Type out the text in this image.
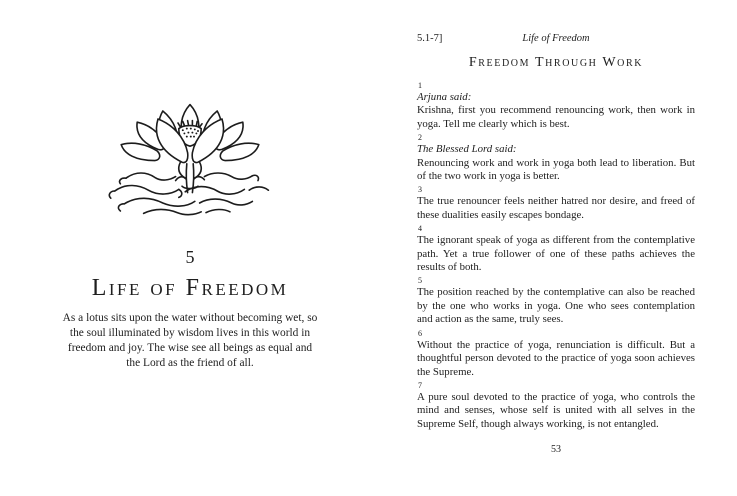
5
Life of Freedom

As a lotus sits upon the water without becoming wet, so the soul illuminated by wisdom lives in this world in freedom and joy. The wise see all beings as equal and the Lord as the friend of all.

5.1-7]	Life of Freedom
Freedom Through Work
1
Arjuna said:
Krishna, first you recommend renouncing work, then work in yoga. Tell me clearly which is best.
2
The Blessed Lord said:
Renouncing work and work in yoga both lead to liberation. But of the two work in yoga is better.
3
The true renouncer feels neither hatred nor desire, and freed of these dualities easily escapes bondage.
4
The ignorant speak of yoga as different from the contemplative path. Yet a true follower of one of these paths achieves the results of both.
5
The position reached by the contemplative can also be reached by the one who works in yoga. One who sees contemplation and action as the same, truly sees.
6
Without the practice of yoga, renunciation is difficult. But a thoughtful person devoted to the practice of yoga soon achieves the Supreme.
7
A pure soul devoted to the practice of yoga, who controls the mind and senses, whose self is united with all selves in the Supreme Self, though always working, is not entangled.
53
